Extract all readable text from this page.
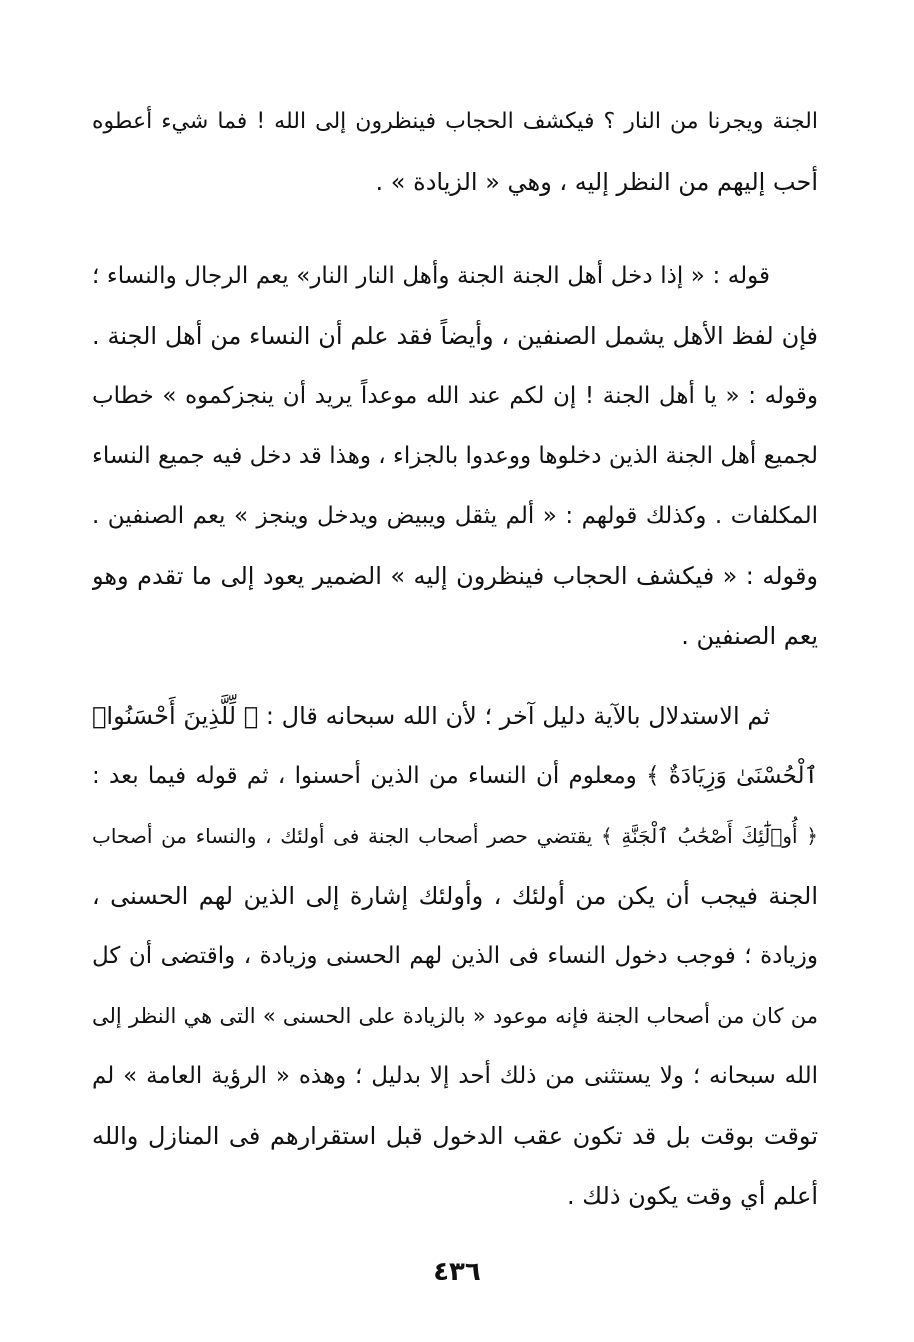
الجنة ويجرنا من النار ؟ فيكشف الحجاب فينظرون إلى الله ! فما شيء أعطوه
أحب إليهم من النظر إليه ، وهي « الزيادة » .
قوله : « إذا دخل أهل الجنة الجنة وأهل النار النار» يعم الرجال والنساء ؛
فإن لفظ الأهل يشمل الصنفين ، وأيضاً فقد علم أن النساء من أهل الجنة .
وقوله : « يا أهل الجنة ! إن لكم عند الله موعداً يريد أن ينجزكموه » خطاب
لجميع أهل الجنة الذين دخلوها ووعدوا بالجزاء ، وهذا قد دخل فيه جميع النساء
المكلفات . وكذلك قولهم : « ألم يثقل ويبيض ويدخل وينجز » يعم الصنفين .
وقوله : « فيكشف الحجاب فينظرون إليه » الضمير يعود إلى ما تقدم وهو
يعم الصنفين .
ثم الاستدلال بالآية دليل آخر ؛ لأن الله سبحانه قال : ﴿ لِّلَّذِينَ أَحْسَنُوا۟
ٱلْحُسْنَىٰ وَزِيَادَةٌ ﴾ ومعلوم أن النساء من الذين أحسنوا ، ثم قوله فيما بعد :
﴿ أُو۟لَٰٓئِكَ أَصْحَٰبُ ٱلْجَنَّةِ ﴾ يقتضي حصر أصحاب الجنة فى أولئك ، والنساء من أصحاب
الجنة فيجب أن يكن من أولئك ، وأولئك إشارة إلى الذين لهم الحسنى ،
وزيادة ؛ فوجب دخول النساء فى الذين لهم الحسنى وزيادة ، واقتضى أن كل
من كان من أصحاب الجنة فإنه موعود « بالزيادة على الحسنى » التى هي النظر إلى
الله سبحانه ؛ ولا يستثنى من ذلك أحد إلا بدليل ؛ وهذه « الرؤية العامة » لم
توقت بوقت بل قد تكون عقب الدخول قبل استقرارهم فى المنازل والله
أعلم أي وقت يكون ذلك .
٤٣٦
